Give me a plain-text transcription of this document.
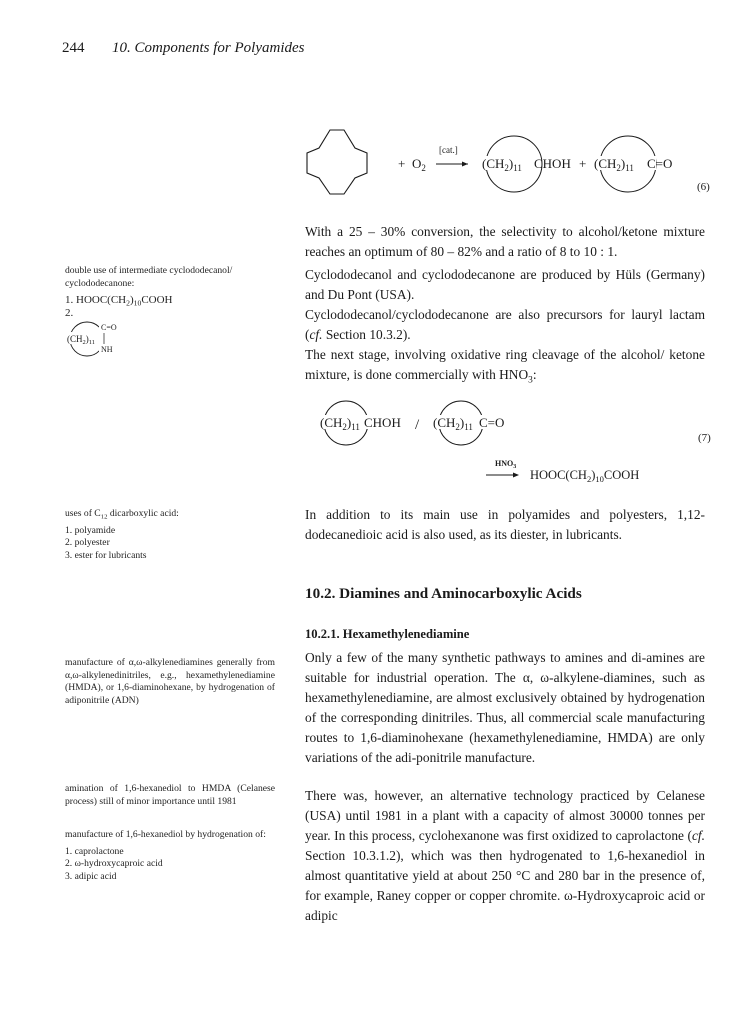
244 10. Components for Polyamides
+ $O_2$
[cat.]
$(CH_2)_{11}$ CHOH + $(CH_2)_{11}$ C=O
(6)

With a 25 – 30% conversion, the selectivity to alcohol/ketone mixture reaches an optimum of 80 – 82% and a ratio of 8 to 10 : 1.

Cyclododecanol and cyclododecanone are produced by Hüls (Germany) and Du Pont (USA).

Cyclododecanol/cyclododecanone are also precursors for lauryl lactam (cf. Section 10.3.2).

The next stage, involving oxidative ring cleavage of the alcohol/ ketone mixture, is done commercially with $HNO_3$:

$(CH_2)_{11}$ CHOH / $(CH_2)_{11}$ C=O
(7)
$HNO_3$
$HOOC(CH_2)_{10}COOH$

In addition to its main use in polyamides and polyesters, 1,12-dodecanedioic acid is also used, as its diester, in lubricants.

10.2. Diamines and Aminocarboxylic Acids
10.2.1. Hexamethylenediamine

Only a few of the many synthetic pathways to amines and di-amines are suitable for industrial operation. The α, ω-alkylene-diamines, such as hexamethylenediamine, are almost exclusively obtained by hydrogenation of the corresponding dinitriles. Thus, all commercial scale manufacturing routes to 1,6-diaminohexane (hexamethylenediamine, HMDA) are only variations of the adi-ponitrile manufacture.

There was, however, an alternative technology practiced by Celanese (USA) until 1981 in a plant with a capacity of almost 30000 tonnes per year. In this process, cyclohexanone was first oxidized to caprolactone (cf. Section 10.3.1.2), which was then hydrogenated to 1,6-hexanediol in almost quantitative yield at about 250 °C and 280 bar in the presence of, for example, Raney copper or copper chromite. ω-Hydroxycaproic acid or adipic

double use of intermediate cyclododecanol/ cyclododecanone:

1. $HOOC(CH_2)_{10}COOH$

2.

$(CH_2)_{11}$
C=O
NH

uses of $C_{12}$ dicarboxylic acid:

1. polyamide
2. polyester
3. ester for lubricants

manufacture of α,ω-alkylenediamines generally from α,ω-alkylenedinitriles, e.g., hexamethylenediamine (HMDA), or 1,6-diaminohexane, by hydrogenation of adiponitrile (ADN)

amination of 1,6-hexanediol to HMDA (Celanese process) still of minor importance until 1981

manufacture of 1,6-hexanediol by hydrogenation of:

1. caprolactone
2. ω-hydroxycaproic acid
3. adipic acid
